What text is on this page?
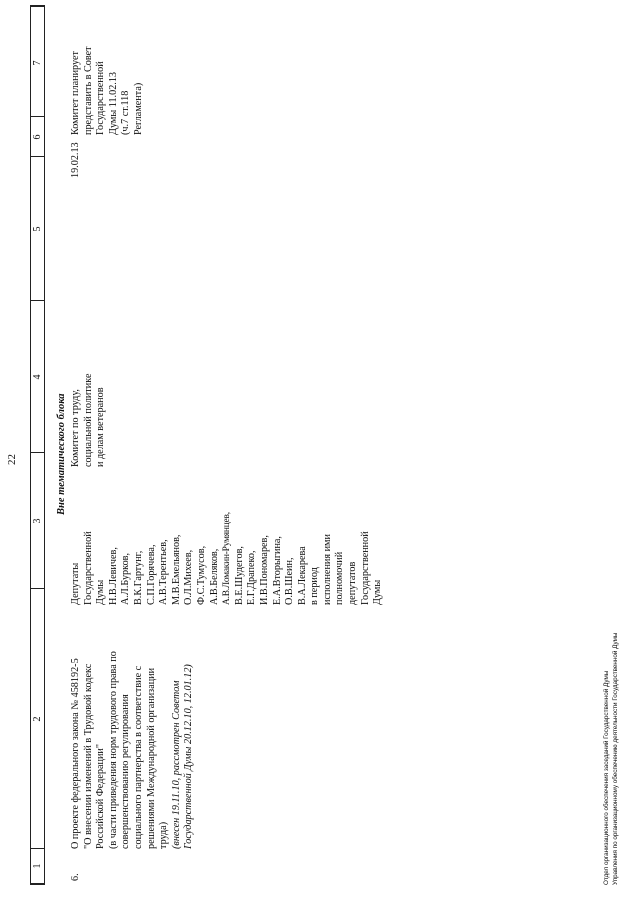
22
1
2
3
4
5
6
7
Вне тематического блока
6.
О проекте федерального закона № 458192-5 "О внесении изменений в Трудовой кодекс Российской Федерации" (в части приведения норм трудового права по совершенствованию регулирования социального партнерства в соответствие с решениями Международной организации труда) (внесен 19.11.10, рассмотрен Советом Государственной Думы 20.12.10, 12.01.12)
Депутаты Государственной Думы Н.В.Левичев, А.Л.Бурков, В.К.Гартунг, С.П.Горячева, А.В.Терентьев, М.В.Емельянов, О.Л.Михеев, Ф.С.Тумусов, А.В.Беляков, А.В.Ломакин-Румянцев, В.Е.Шудегов, Е.Г.Драпеко, И.В.Пономарев, Е.А.Вторыгина, О.В.Шеин, В.А.Лекарева в период исполнения ими полномочий депутатов Государственной Думы
Комитет по труду, социальной политике и делам ветеранов
19.02.13
Комитет планирует представить в Совет Государственной Думы 11.02.13 (ч.7 ст.118 Регламента)
Отдел организационного обеспечения заседаний Государственной Думы Управления по организационному обеспечению деятельности Государственной Думы
